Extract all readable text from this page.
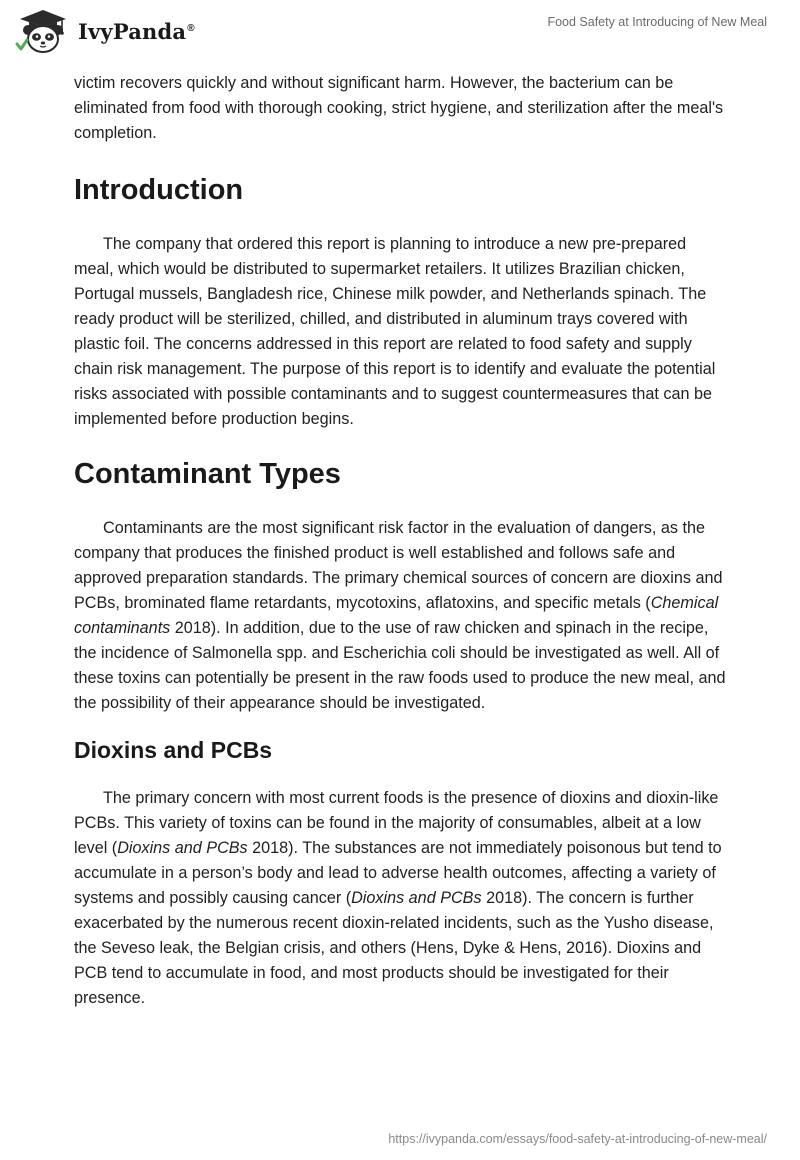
IvyPanda®	Food Safety at Introducing of New Meal

victim recovers quickly and without significant harm. However, the bacterium can be eliminated from food with thorough cooking, strict hygiene, and sterilization after the meal's completion.

Introduction

The company that ordered this report is planning to introduce a new pre-prepared meal, which would be distributed to supermarket retailers. It utilizes Brazilian chicken, Portugal mussels, Bangladesh rice, Chinese milk powder, and Netherlands spinach. The ready product will be sterilized, chilled, and distributed in aluminum trays covered with plastic foil. The concerns addressed in this report are related to food safety and supply chain risk management. The purpose of this report is to identify and evaluate the potential risks associated with possible contaminants and to suggest countermeasures that can be implemented before production begins.

Contaminant Types

Contaminants are the most significant risk factor in the evaluation of dangers, as the company that produces the finished product is well established and follows safe and approved preparation standards. The primary chemical sources of concern are dioxins and PCBs, brominated flame retardants, mycotoxins, aflatoxins, and specific metals (Chemical contaminants 2018). In addition, due to the use of raw chicken and spinach in the recipe, the incidence of Salmonella spp. and Escherichia coli should be investigated as well. All of these toxins can potentially be present in the raw foods used to produce the new meal, and the possibility of their appearance should be investigated.

Dioxins and PCBs

The primary concern with most current foods is the presence of dioxins and dioxin-like PCBs. This variety of toxins can be found in the majority of consumables, albeit at a low level (Dioxins and PCBs 2018). The substances are not immediately poisonous but tend to accumulate in a person’s body and lead to adverse health outcomes, affecting a variety of systems and possibly causing cancer (Dioxins and PCBs 2018). The concern is further exacerbated by the numerous recent dioxin-related incidents, such as the Yusho disease, the Seveso leak, the Belgian crisis, and others (Hens, Dyke & Hens, 2016). Dioxins and PCB tend to accumulate in food, and most products should be investigated for their presence.

https://ivypanda.com/essays/food-safety-at-introducing-of-new-meal/
